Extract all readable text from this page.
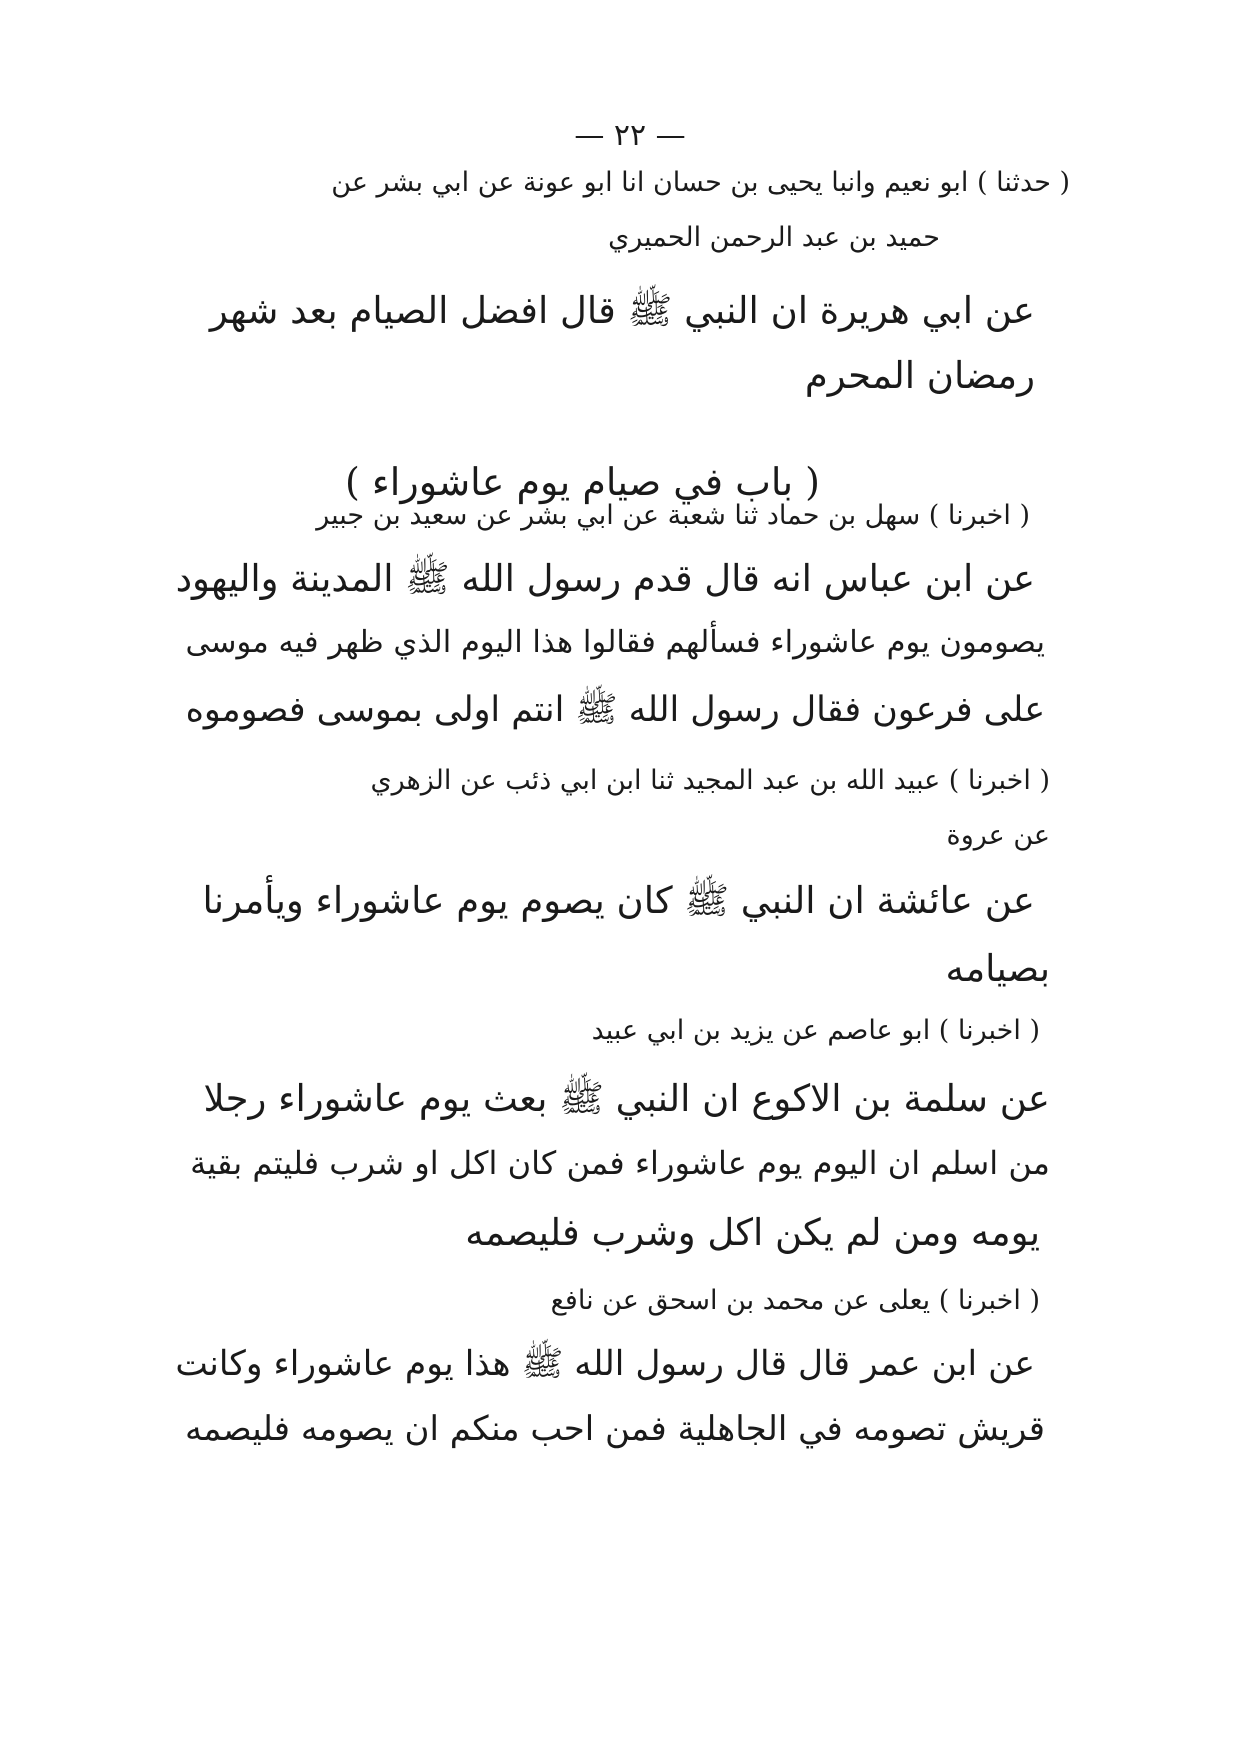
— ٢٢ —
( حدثنا ) ابو نعيم وانبا يحيى بن حسان انا ابو عونة عن ابي بشر عن
حميد بن عبد الرحمن الحميري
عن ابي هريرة ان النبي ﷺ قال افضل الصيام بعد شهر
رمضان المحرم
( باب في صيام يوم عاشوراء )
( اخبرنا ) سهل بن حماد ثنا شعبة عن ابي بشر عن سعيد بن جبير
عن ابن عباس انه قال قدم رسول الله ﷺ المدينة واليهود
يصومون يوم عاشوراء فسألهم فقالوا هذا اليوم الذي ظهر فيه موسى
على فرعون فقال رسول الله ﷺ انتم اولى بموسى فصوموه
( اخبرنا ) عبيد الله بن عبد المجيد ثنا ابن ابي ذئب عن الزهري
عن عروة
عن عائشة ان النبي ﷺ كان يصوم يوم عاشوراء ويأمرنا
بصيامه
( اخبرنا ) ابو عاصم عن يزيد بن ابي عبيد
عن سلمة بن الاكوع ان النبي ﷺ بعث يوم عاشوراء رجلا
من اسلم ان اليوم يوم عاشوراء فمن كان اكل او شرب فليتم بقية
يومه ومن لم يكن اكل وشرب فليصمه
( اخبرنا ) يعلى عن محمد بن اسحق عن نافع
عن ابن عمر قال قال رسول الله ﷺ هذا يوم عاشوراء وكانت
قريش تصومه في الجاهلية فمن احب منكم ان يصومه فليصمه
